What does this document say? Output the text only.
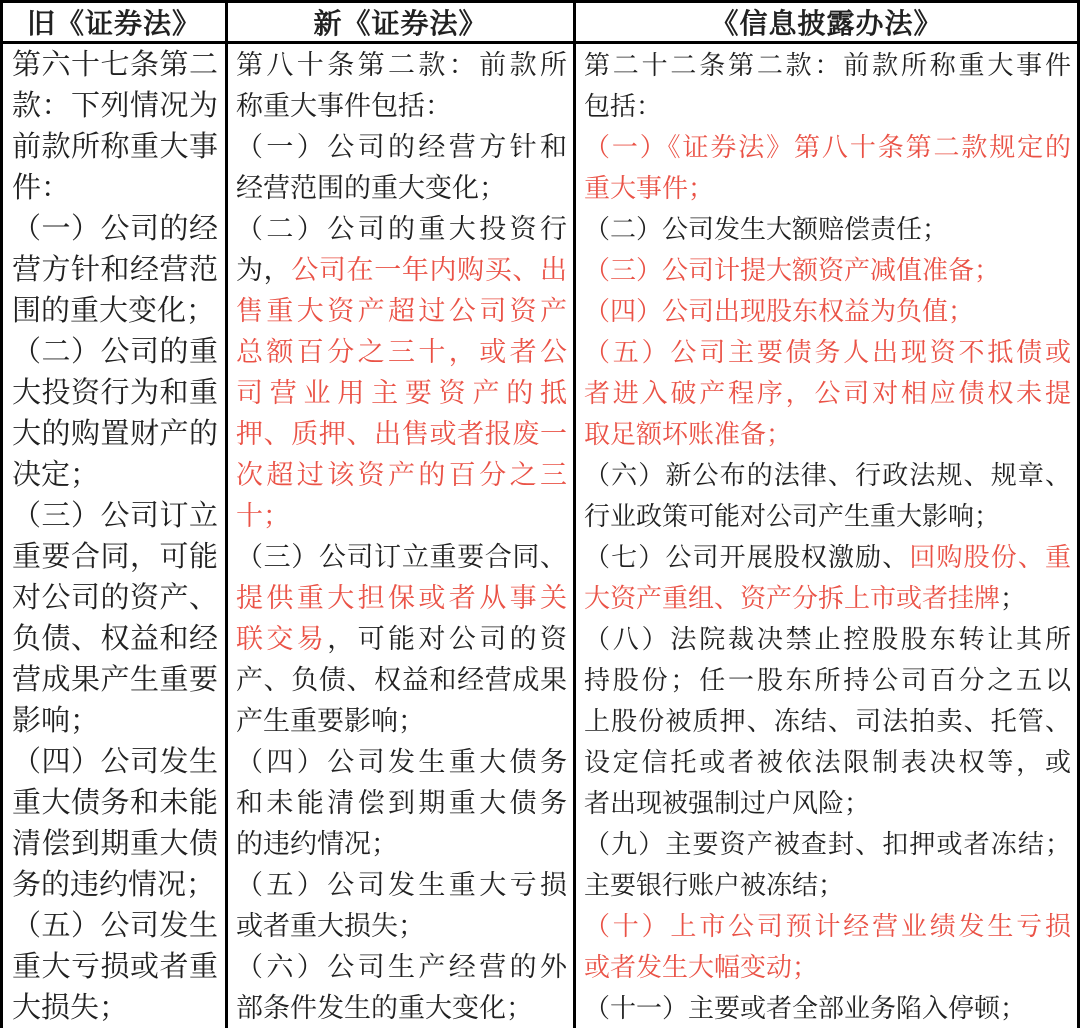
旧《证券法》	新《证券法》	《信息披露办法》
第六十七条第二
款：下列情况为
前款所称重大事
件：
（一）公司的经
营方针和经营范
围的重大变化；
（二）公司的重
大投资行为和重
大的购置财产的
决定；
（三）公司订立
重要合同，可能
对公司的资产、
负债、权益和经
营成果产生重要
影响；
（四）公司发生
重大债务和未能
清偿到期重大债
务的违约情况；
（五）公司发生
重大亏损或者重
大损失；
第八十条第二款：前款所
称重大事件包括：
（一）公司的经营方针和
经营范围的重大变化；
（二）公司的重大投资行
为，公司在一年内购买、出
售重大资产超过公司资产
总额百分之三十，或者公
司营业用主要资产的抵
押、质押、出售或者报废一
次超过该资产的百分之三
十；
（三）公司订立重要合同、
提供重大担保或者从事关
联交易，可能对公司的资
产、负债、权益和经营成果
产生重要影响；
（四）公司发生重大债务
和未能清偿到期重大债务
的违约情况；
（五）公司发生重大亏损
或者重大损失；
（六）公司生产经营的外
部条件发生的重大变化；
第二十二条第二款：前款所称重大事件
包括：
（一）《证券法》第八十条第二款规定的
重大事件；
（二）公司发生大额赔偿责任；
（三）公司计提大额资产减值准备；
（四）公司出现股东权益为负值；
（五）公司主要债务人出现资不抵债或
者进入破产程序，公司对相应债权未提
取足额坏账准备；
（六）新公布的法律、行政法规、规章、
行业政策可能对公司产生重大影响；
（七）公司开展股权激励、回购股份、重
大资产重组、资产分拆上市或者挂牌；
（八）法院裁决禁止控股股东转让其所
持股份；任一股东所持公司百分之五以
上股份被质押、冻结、司法拍卖、托管、
设定信托或者被依法限制表决权等，或
者出现被强制过户风险；
（九）主要资产被查封、扣押或者冻结；
主要银行账户被冻结；
（十）上市公司预计经营业绩发生亏损
或者发生大幅变动；
（十一）主要或者全部业务陷入停顿；
